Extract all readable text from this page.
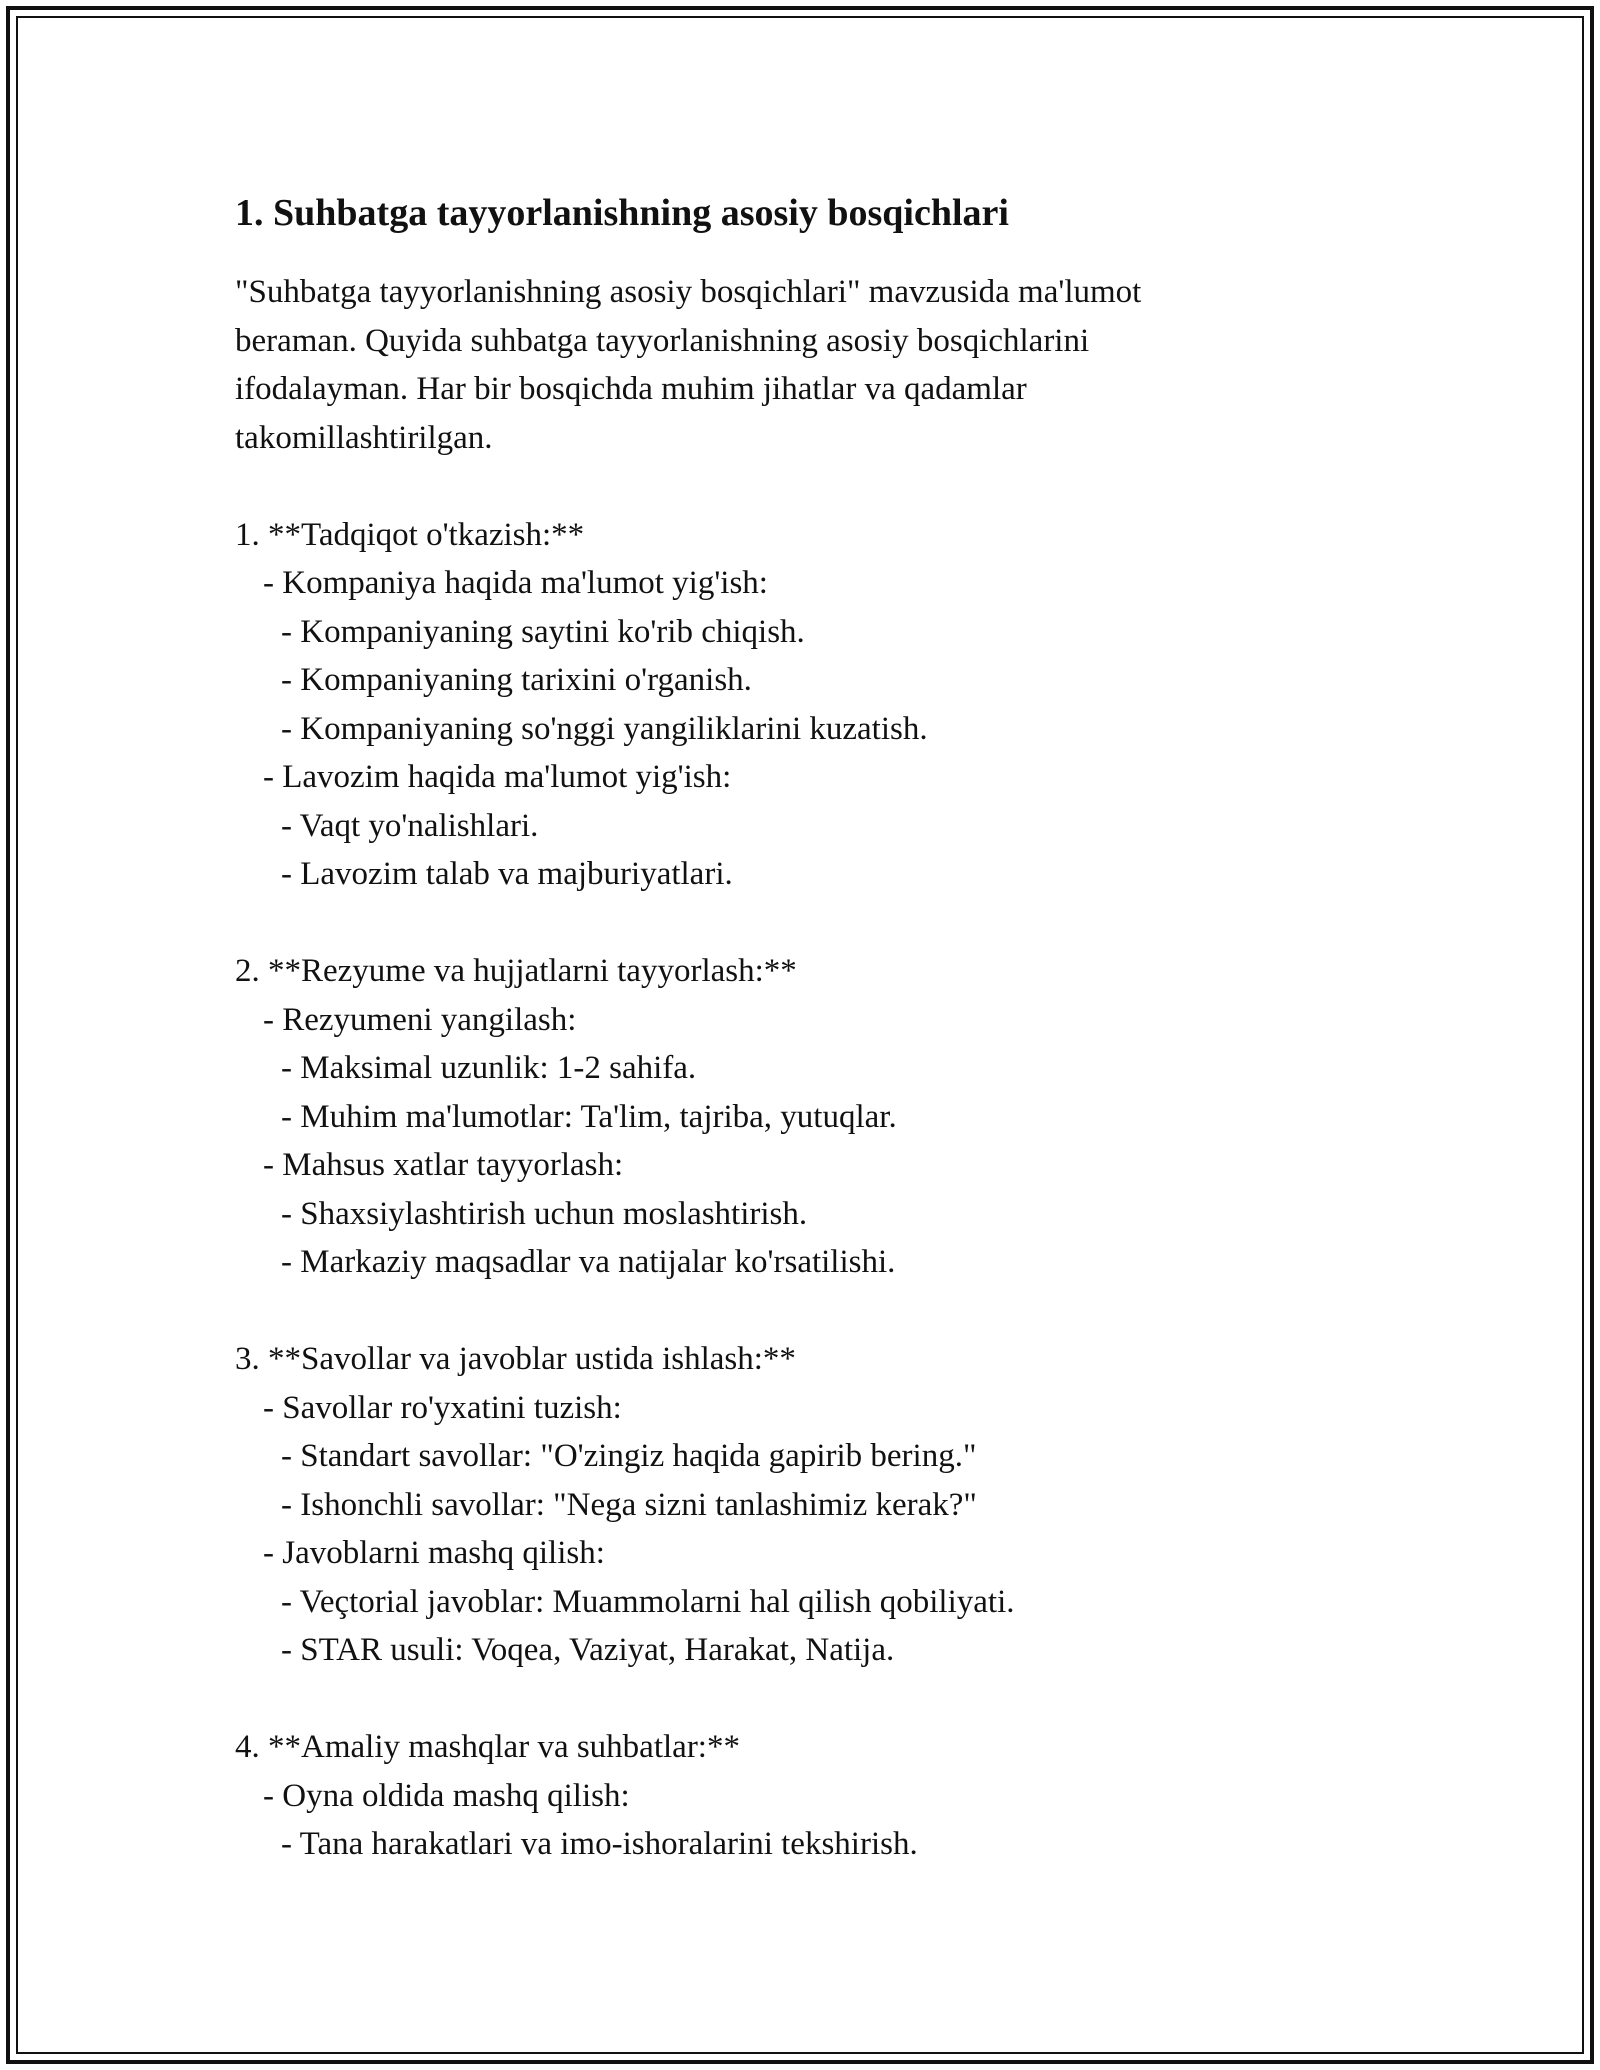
1. Suhbatga tayyorlanishning asosiy bosqichlari

"Suhbatga tayyorlanishning asosiy bosqichlari" mavzusida ma'lumot beraman. Quyida suhbatga tayyorlanishning asosiy bosqichlarini ifodalayman. Har bir bosqichda muhim jihatlar va qadamlar takomillashtirilgan.

1. **Tadqiqot o'tkazish:**
- Kompaniya haqida ma'lumot yig'ish:
- Kompaniyaning saytini ko'rib chiqish.
- Kompaniyaning tarixini o'rganish.
- Kompaniyaning so'nggi yangiliklarini kuzatish.
- Lavozim haqida ma'lumot yig'ish:
- Vaqt yo'nalishlari.
- Lavozim talab va majburiyatlari.
2. **Rezyume va hujjatlarni tayyorlash:**
- Rezyumeni yangilash:
- Maksimal uzunlik: 1-2 sahifa.
- Muhim ma'lumotlar: Ta'lim, tajriba, yutuqlar.
- Mahsus xatlar tayyorlash:
- Shaxsiylashtirish uchun moslashtirish.
- Markaziy maqsadlar va natijalar ko'rsatilishi.
3. **Savollar va javoblar ustida ishlash:**
- Savollar ro'yxatini tuzish:
- Standart savollar: "O'zingiz haqida gapirib bering."
- Ishonchli savollar: "Nega sizni tanlashimiz kerak?"
- Javoblarni mashq qilish:
- Veçtorial javoblar: Muammolarni hal qilish qobiliyati.
- STAR usuli: Voqea, Vaziyat, Harakat, Natija.
4. **Amaliy mashqlar va suhbatlar:**
- Oyna oldida mashq qilish:
- Tana harakatlari va imo-ishoralarini tekshirish.
